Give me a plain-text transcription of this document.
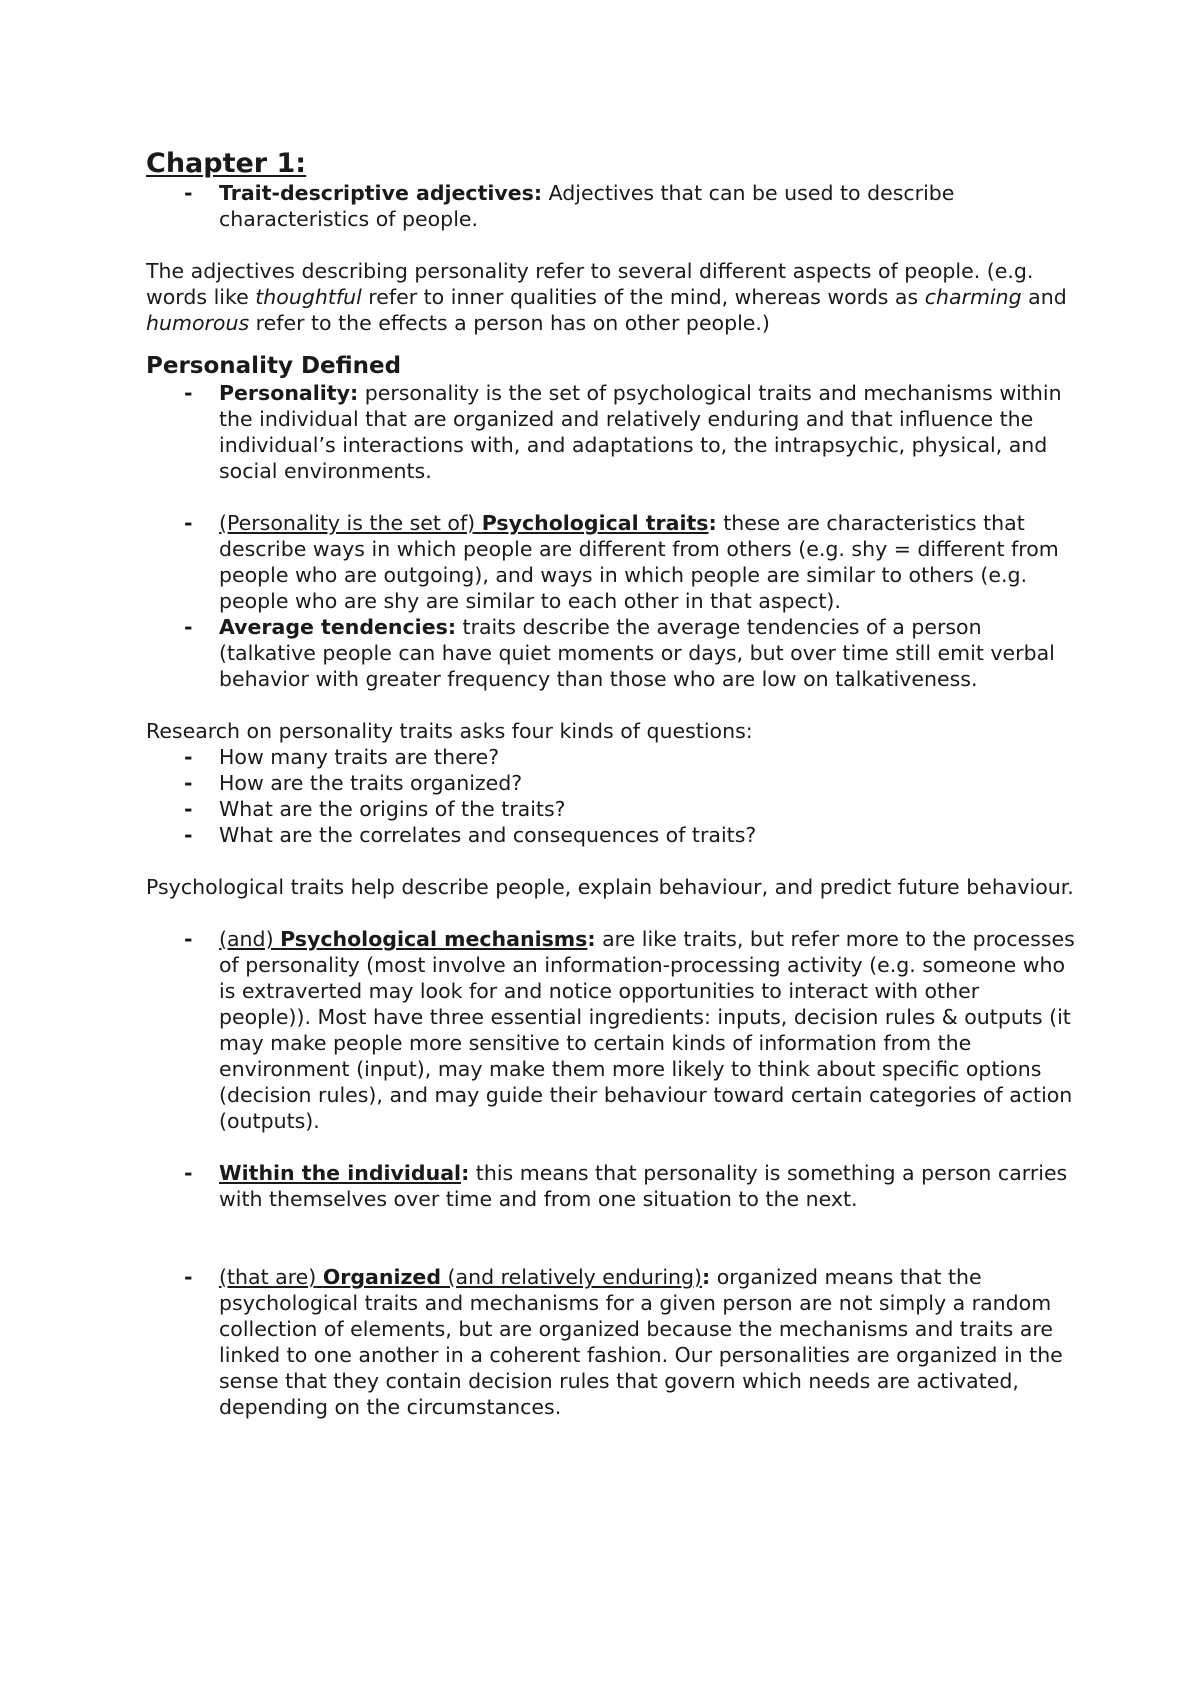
Chapter 1:
- Trait-descriptive adjectives: Adjectives that can be used to describe characteristics of people.

The adjectives describing personality refer to several different aspects of people. (e.g. words like thoughtful refer to inner qualities of the mind, whereas words as charming and humorous refer to the effects a person has on other people.)

Personality Defined
- Personality: personality is the set of psychological traits and mechanisms within the individual that are organized and relatively enduring and that influence the individual’s interactions with, and adaptations to, the intrapsychic, physical, and social environments.
- (Personality is the set of) Psychological traits: these are characteristics that describe ways in which people are different from others (e.g. shy = different from people who are outgoing), and ways in which people are similar to others (e.g. people who are shy are similar to each other in that aspect).
- Average tendencies: traits describe the average tendencies of a person (talkative people can have quiet moments or days, but over time still emit verbal behavior with greater frequency than those who are low on talkativeness.

Research on personality traits asks four kinds of questions:

- How many traits are there?
- How are the traits organized?
- What are the origins of the traits?
- What are the correlates and consequences of traits?

Psychological traits help describe people, explain behaviour, and predict future behaviour.

- (and) Psychological mechanisms: are like traits, but refer more to the processes of personality (most involve an information-processing activity (e.g. someone who is extraverted may look for and notice opportunities to interact with other people)). Most have three essential ingredients: inputs, decision rules & outputs (it may make people more sensitive to certain kinds of information from the environment (input), may make them more likely to think about specific options (decision rules), and may guide their behaviour toward certain categories of action (outputs).
- Within the individual: this means that personality is something a person carries with themselves over time and from one situation to the next.
- (that are) Organized (and relatively enduring): organized means that the psychological traits and mechanisms for a given person are not simply a random collection of elements, but are organized because the mechanisms and traits are linked to one another in a coherent fashion. Our personalities are organized in the sense that they contain decision rules that govern which needs are activated, depending on the circumstances.
